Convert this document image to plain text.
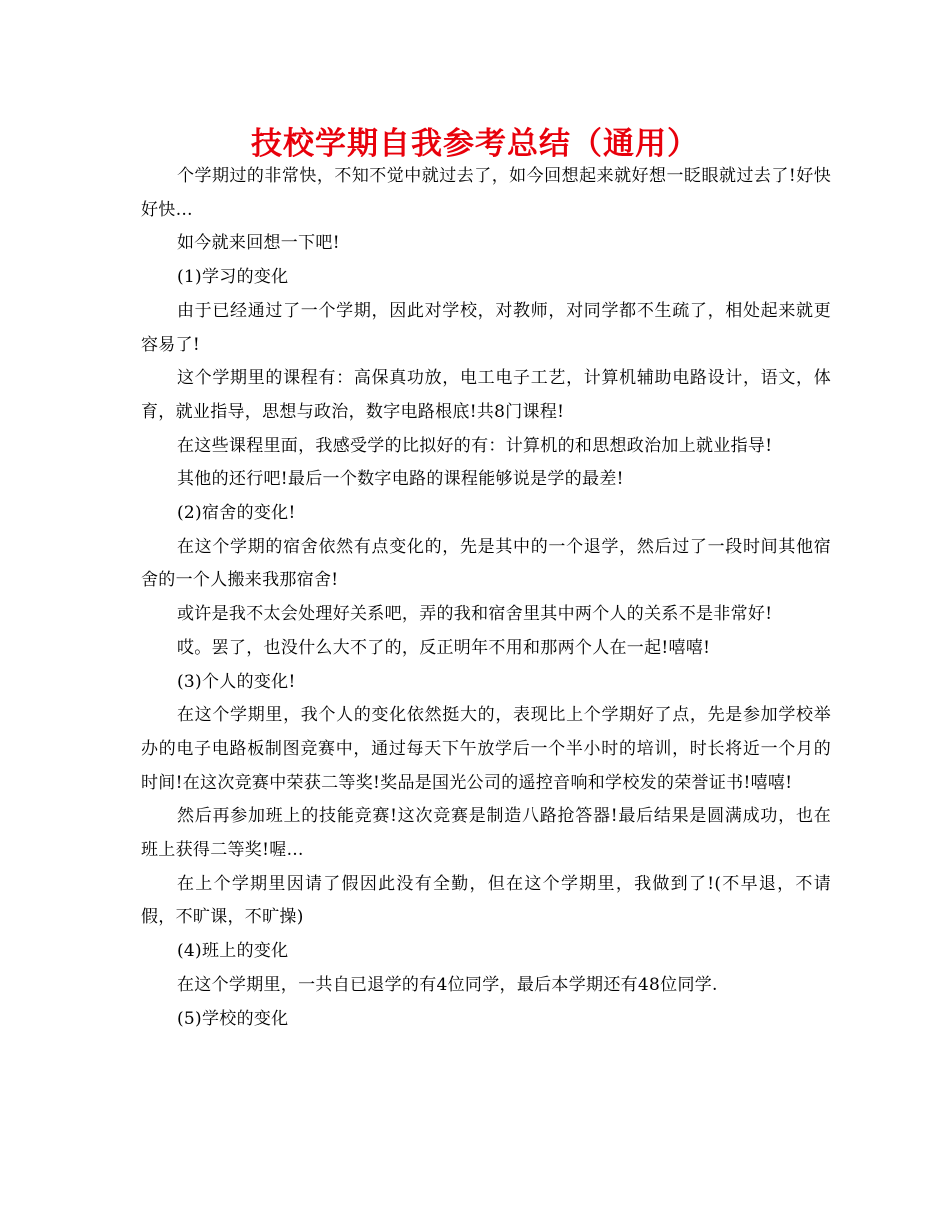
技校学期自我参考总结（通用）

个学期过的非常快，不知不觉中就过去了，如今回想起来就好想一眨眼就过去了!好快好快…

如今就来回想一下吧!

(1)学习的变化

由于已经通过了一个学期，因此对学校，对教师，对同学都不生疏了，相处起来就更容易了!

这个学期里的课程有：高保真功放，电工电子工艺，计算机辅助电路设计，语文，体育，就业指导，思想与政治，数字电路根底!共8门课程!

在这些课程里面，我感受学的比拟好的有：计算机的和思想政治加上就业指导!

其他的还行吧!最后一个数字电路的课程能够说是学的最差!

(2)宿舍的变化!

在这个学期的宿舍依然有点变化的，先是其中的一个退学，然后过了一段时间其他宿舍的一个人搬来我那宿舍!

或许是我不太会处理好关系吧，弄的我和宿舍里其中两个人的关系不是非常好!

哎。罢了，也没什么大不了的，反正明年不用和那两个人在一起!嘻嘻!

(3)个人的变化!

在这个学期里，我个人的变化依然挺大的，表现比上个学期好了点，先是参加学校举办的电子电路板制图竞赛中，通过每天下午放学后一个半小时的培训，时长将近一个月的时间!在这次竞赛中荣获二等奖!奖品是国光公司的遥控音响和学校发的荣誉证书!嘻嘻!

然后再参加班上的技能竞赛!这次竞赛是制造八路抢答器!最后结果是圆满成功，也在班上获得二等奖!喔…

在上个学期里因请了假因此没有全勤，但在这个学期里，我做到了!(不早退，不请假，不旷课，不旷操)

(4)班上的变化

在这个学期里，一共自已退学的有4位同学，最后本学期还有48位同学.

(5)学校的变化
